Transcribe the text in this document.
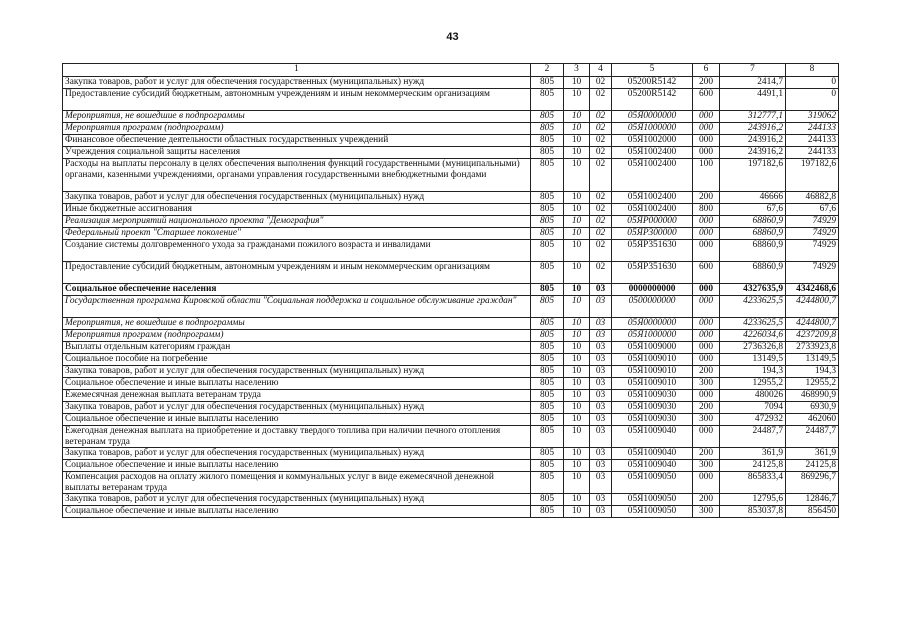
43
1	2	3	4	5	6	7	8
Закупка товаров, работ и услуг для обеспечения государственных (муниципальных) нужд	805	10	02	05200R5142	200	2414,7	0
Предоставление субсидий бюджетным, автономным учреждениям и иным некоммерческим организациям	805	10	02	05200R5142	600	4491,1	0
Мероприятия, не вошедшие в подпрограммы	805	10	02	05Я0000000	000	312777,1	319062
Мероприятия программ (подпрограмм)	805	10	02	05Я1000000	000	243916,2	244133
Финансовое обеспечение деятельности областных государственных учреждений	805	10	02	05Я1002000	000	243916,2	244133
Учреждения социальной защиты населения	805	10	02	05Я1002400	000	243916,2	244133
Расходы на выплаты персоналу в целях обеспечения выполнения функций государственными (муниципальными) органами, казенными учреждениями, органами управления государственными внебюджетными фондами	805	10	02	05Я1002400	100	197182,6	197182,6
Закупка товаров, работ и услуг для обеспечения государственных (муниципальных) нужд	805	10	02	05Я1002400	200	46666	46882,8
Иные бюджетные ассигнования	805	10	02	05Я1002400	800	67,6	67,6
Реализация мероприятий национального проекта "Демография"	805	10	02	05ЯP000000	000	68860,9	74929
Федеральный проект "Старшее поколение"	805	10	02	05ЯP300000	000	68860,9	74929
Создание системы долговременного ухода за гражданами пожилого возраста и инвалидами	805	10	02	05ЯP351630	000	68860,9	74929
Предоставление субсидий бюджетным, автономным учреждениям и иным некоммерческим организациям	805	10	02	05ЯP351630	600	68860,9	74929
Социальное обеспечение населения	805	10	03	0000000000	000	4327635,9	4342468,6
Государственная программа Кировской области "Социальная поддержка и социальное обслуживание граждан"	805	10	03	0500000000	000	4233625,5	4244800,7
Мероприятия, не вошедшие в подпрограммы	805	10	03	05Я0000000	000	4233625,5	4244800,7
Мероприятия программ (подпрограмм)	805	10	03	05Я1000000	000	4226034,6	4237209,8
Выплаты отдельным категориям граждан	805	10	03	05Я1009000	000	2736326,8	2733923,8
Социальное пособие на погребение	805	10	03	05Я1009010	000	13149,5	13149,5
Закупка товаров, работ и услуг для обеспечения государственных (муниципальных) нужд	805	10	03	05Я1009010	200	194,3	194,3
Социальное обеспечение и иные выплаты населению	805	10	03	05Я1009010	300	12955,2	12955,2
Ежемесячная денежная выплата ветеранам труда	805	10	03	05Я1009030	000	480026	468990,9
Закупка товаров, работ и услуг для обеспечения государственных (муниципальных) нужд	805	10	03	05Я1009030	200	7094	6930,9
Социальное обеспечение и иные выплаты населению	805	10	03	05Я1009030	300	472932	462060
Ежегодная денежная выплата на приобретение и доставку твердого топлива при наличии печного отопления ветеранам труда	805	10	03	05Я1009040	000	24487,7	24487,7
Закупка товаров, работ и услуг для обеспечения государственных (муниципальных) нужд	805	10	03	05Я1009040	200	361,9	361,9
Социальное обеспечение и иные выплаты населению	805	10	03	05Я1009040	300	24125,8	24125,8
Компенсация расходов на оплату жилого помещения и коммунальных услуг в виде ежемесячной денежной выплаты ветеранам труда	805	10	03	05Я1009050	000	865833,4	869296,7
Закупка товаров, работ и услуг для обеспечения государственных (муниципальных) нужд	805	10	03	05Я1009050	200	12795,6	12846,7
Социальное обеспечение и иные выплаты населению	805	10	03	05Я1009050	300	853037,8	856450
